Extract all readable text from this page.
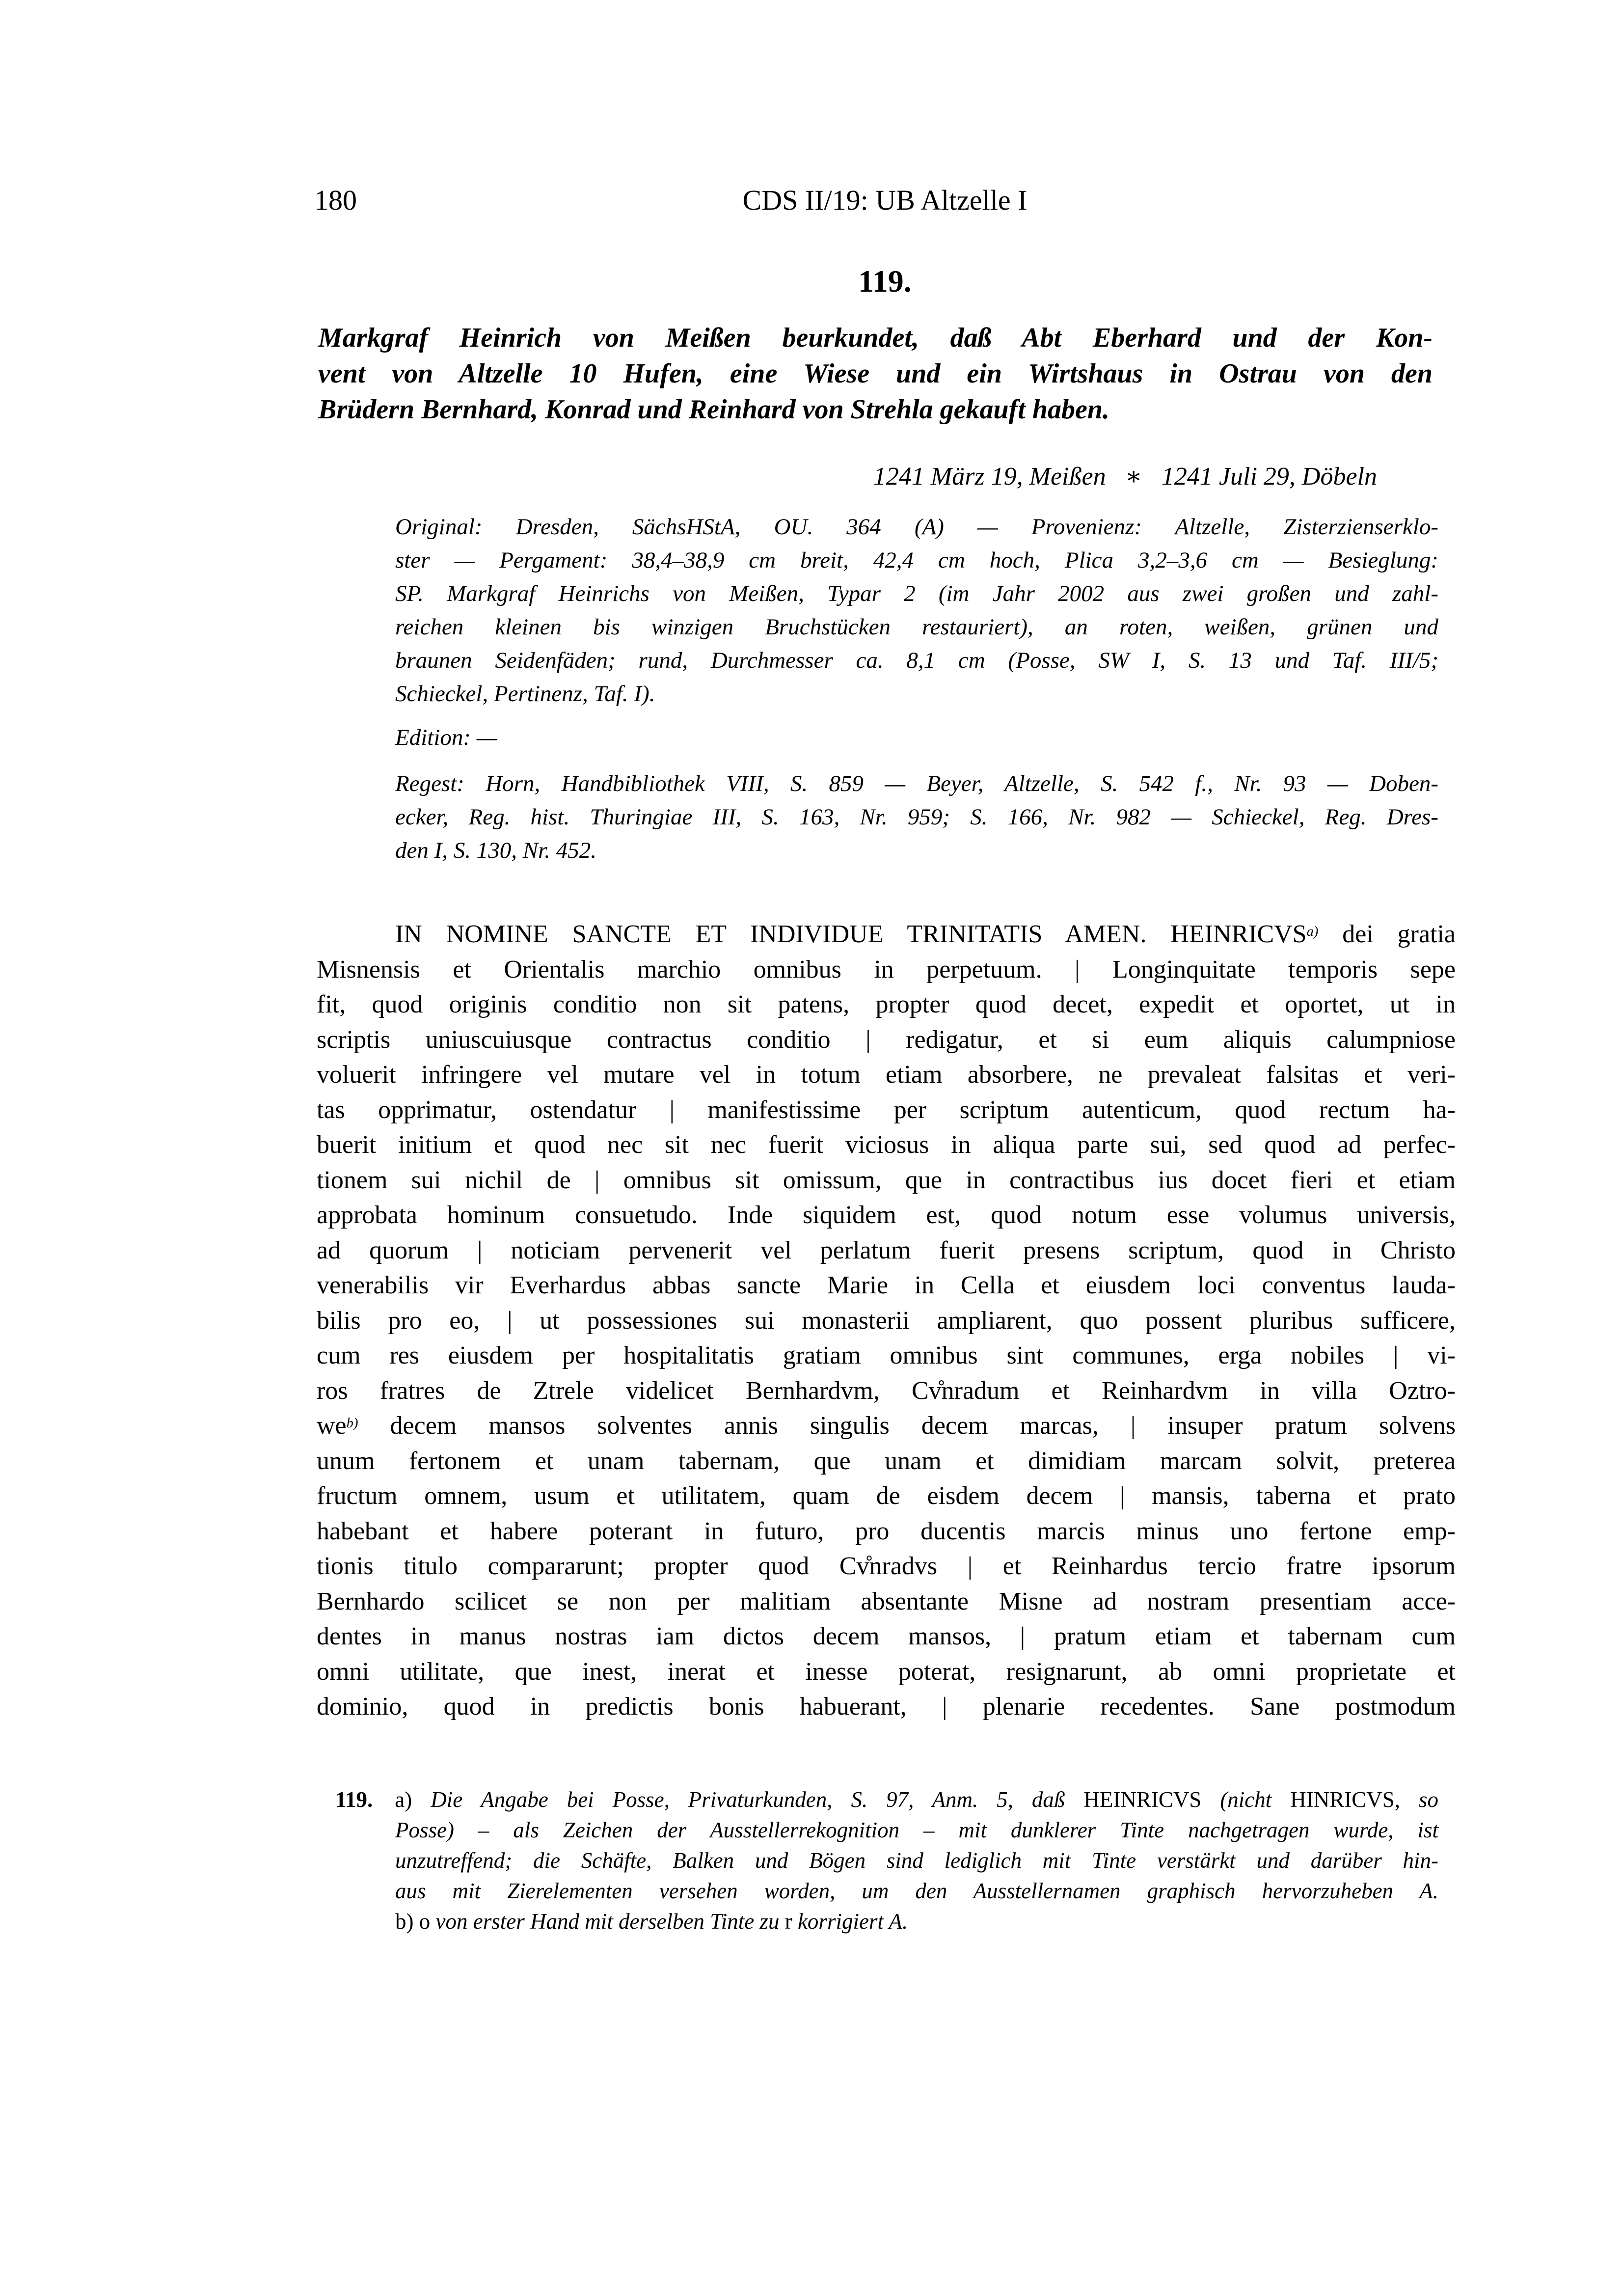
180	CDS II/19: UB Altzelle I
119.
Markgraf Heinrich von Meißen beurkundet, daß Abt Eberhard und der Kon-
vent von Altzelle 10 Hufen, eine Wiese und ein Wirtshaus in Ostrau von den
Brüdern Bernhard, Konrad und Reinhard von Strehla gekauft haben.
1241 März 19, Meißen  ∗  1241 Juli 29, Döbeln
Original: Dresden, SächsHStA, OU. 364 (A) — Provenienz: Altzelle, Zisterzienserklo-
ster — Pergament: 38,4–38,9 cm breit, 42,4 cm hoch, Plica 3,2–3,6 cm — Besieglung:
SP. Markgraf Heinrichs von Meißen, Typar 2 (im Jahr 2002 aus zwei großen und zahl-
reichen kleinen bis winzigen Bruchstücken restauriert), an roten, weißen, grünen und
braunen Seidenfäden; rund, Durchmesser ca. 8,1 cm (Posse, SW I, S. 13 und Taf. III/5;
Schieckel, Pertinenz, Taf. I).
Edition: —
Regest: Horn, Handbibliothek VIII, S. 859 — Beyer, Altzelle, S. 542 f., Nr. 93 — Doben-
ecker, Reg. hist. Thuringiae III, S. 163, Nr. 959; S. 166, Nr. 982 — Schieckel, Reg. Dres-
den I, S. 130, Nr. 452.
IN NOMINE SANCTE ET INDIVIDUE TRINITATIS AMEN. HEINRICVS$^{a)}$ dei gratia
Misnensis et Orientalis marchio omnibus in perpetuum. | Longinquitate temporis sepe
fit, quod originis conditio non sit patens, propter quod decet, expedit et oportet, ut in
scriptis uniuscuiusque contractus conditio | redigatur, et si eum aliquis calumpniose
voluerit infringere vel mutare vel in totum etiam absorbere, ne prevaleat falsitas et veri-
tas opprimatur, ostendatur | manifestissime per scriptum autenticum, quod rectum ha-
buerit initium et quod nec sit nec fuerit viciosus in aliqua parte sui, sed quod ad perfec-
tionem sui nichil de | omnibus sit omissum, que in contractibus ius docet fieri et etiam
approbata hominum consuetudo. Inde siquidem est, quod notum esse volumus universis,
ad quorum | noticiam pervenerit vel perlatum fuerit presens scriptum, quod in Christo
venerabilis vir Everhardus abbas sancte Marie in Cella et eiusdem loci conventus lauda-
bilis pro eo, | ut possessiones sui monasterii ampliarent, quo possent pluribus sufficere,
cum res eiusdem per hospitalitatis gratiam omnibus sint communes, erga nobiles | vi-
ros fratres de Ztrele videlicet Bernhardvm, Cv̊nradum et Reinhardvm in villa Oztro-
$we^{b)}$ decem mansos solventes annis singulis decem marcas, | insuper pratum solvens
unum fertonem et unam tabernam, que unam et dimidiam marcam solvit, preterea
fructum omnem, usum et utilitatem, quam de eisdem decem | mansis, taberna et prato
habebant et habere poterant in futuro, pro ducentis marcis minus uno fertone emp-
tionis titulo compararunt; propter quod Cv̊nradvs | et Reinhardus tercio fratre ipsorum
Bernhardo scilicet se non per malitiam absentante Misne ad nostram presentiam acce-
dentes in manus nostras iam dictos decem mansos, | pratum etiam et tabernam cum
omni utilitate, que inest, inerat et inesse poterat, resignarunt, ab omni proprietate et
dominio, quod in predictis bonis habuerant, | plenarie recedentes. Sane postmodum
119. a) Die Angabe bei Posse, Privaturkunden, S. 97, Anm. 5, daß HEINRICVS (nicht HINRICVS, so
Posse) – als Zeichen der Ausstellerrekognition – mit dunklerer Tinte nachgetragen wurde, ist
unzutreffend; die Schäfte, Balken und Bögen sind lediglich mit Tinte verstärkt und darüber hin-
aus mit Zierelementen versehen worden, um den Ausstellernamen graphisch hervorzuheben A.
b) o von erster Hand mit derselben Tinte zu r korrigiert A.
